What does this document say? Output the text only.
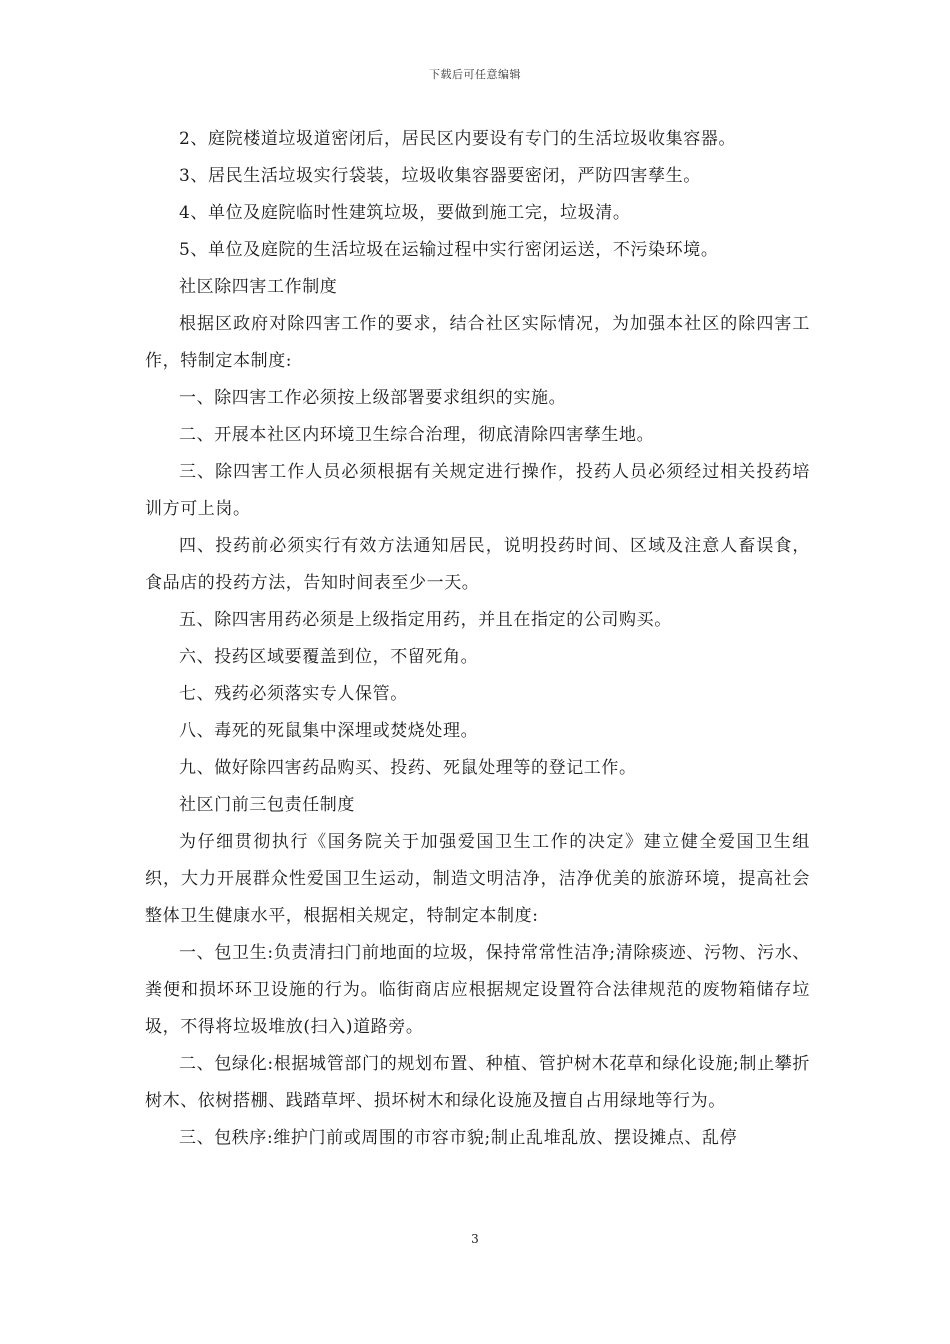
下载后可任意编辑

2、庭院楼道垃圾道密闭后，居民区内要设有专门的生活垃圾收集容器。

3、居民生活垃圾实行袋装，垃圾收集容器要密闭，严防四害孳生。

4、单位及庭院临时性建筑垃圾，要做到施工完，垃圾清。

5、单位及庭院的生活垃圾在运输过程中实行密闭运送，不污染环境。

社区除四害工作制度

根据区政府对除四害工作的要求，结合社区实际情况，为加强本社区的除四害工作，特制定本制度:

一、除四害工作必须按上级部署要求组织的实施。

二、开展本社区内环境卫生综合治理，彻底清除四害孳生地。

三、除四害工作人员必须根据有关规定进行操作，投药人员必须经过相关投药培训方可上岗。

四、投药前必须实行有效方法通知居民，说明投药时间、区域及注意人畜误食，食品店的投药方法，告知时间表至少一天。

五、除四害用药必须是上级指定用药，并且在指定的公司购买。

六、投药区域要覆盖到位，不留死角。

七、残药必须落实专人保管。

八、毒死的死鼠集中深埋或焚烧处理。

九、做好除四害药品购买、投药、死鼠处理等的登记工作。

社区门前三包责任制度

为仔细贯彻执行《国务院关于加强爱国卫生工作的决定》建立健全爱国卫生组织，大力开展群众性爱国卫生运动，制造文明洁净，洁净优美的旅游环境，提高社会整体卫生健康水平，根据相关规定，特制定本制度:

一、包卫生:负责清扫门前地面的垃圾，保持常常性洁净;清除痰迹、污物、污水、粪便和损坏环卫设施的行为。临街商店应根据规定设置符合法律规范的废物箱储存垃圾，不得将垃圾堆放(扫入)道路旁。

二、包绿化:根据城管部门的规划布置、种植、管护树木花草和绿化设施;制止攀折树木、依树搭棚、践踏草坪、损坏树木和绿化设施及擅自占用绿地等行为。

三、包秩序:维护门前或周围的市容市貌;制止乱堆乱放、摆设摊点、乱停

3
